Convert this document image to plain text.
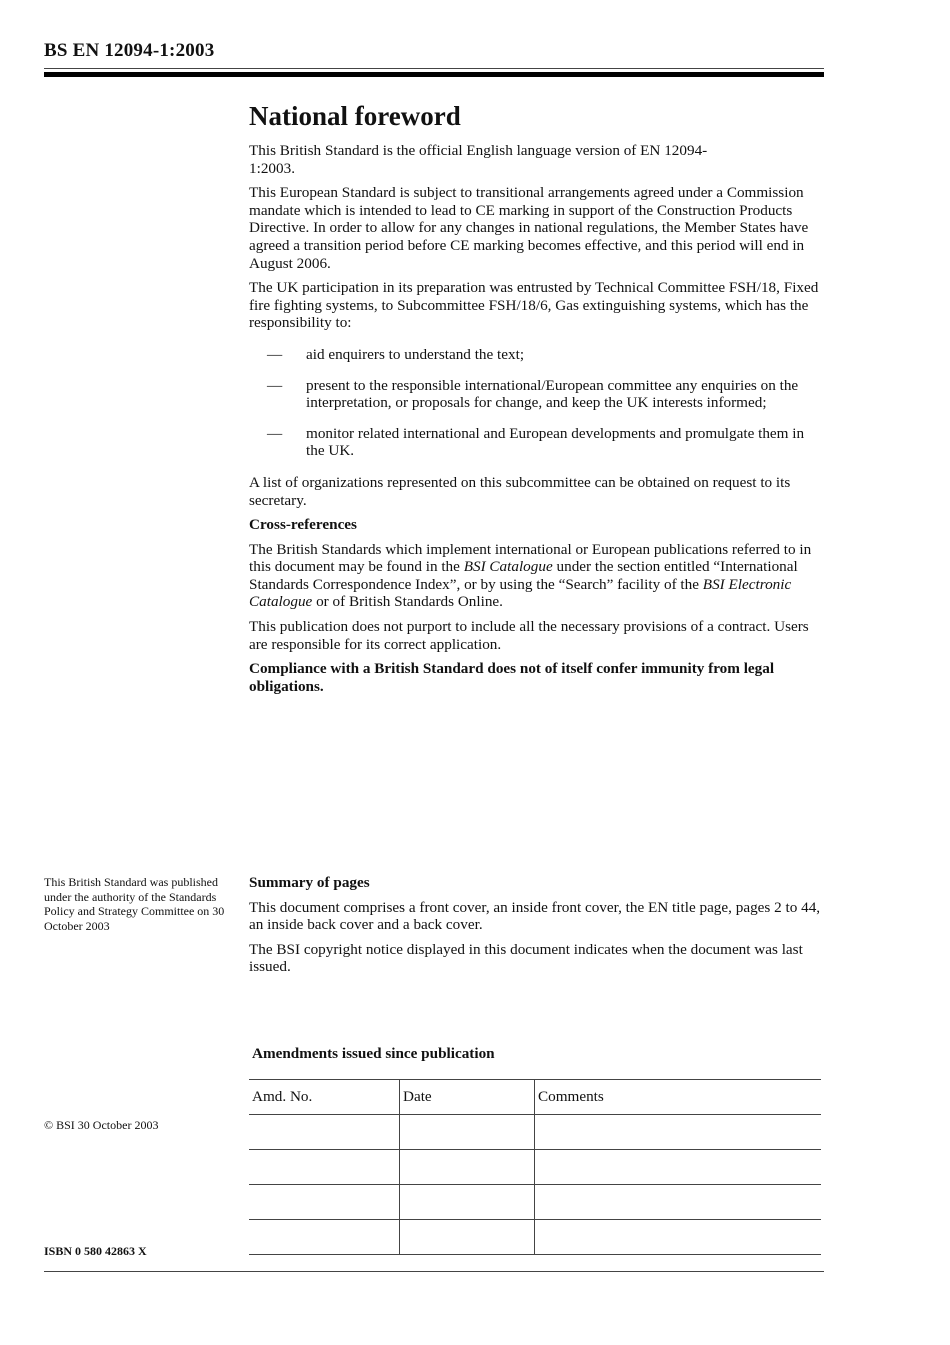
BS EN 12094-1:2003
National foreword

This British Standard is the official English language version of EN 12094-1:2003.

This European Standard is subject to transitional arrangements agreed under a Commission mandate which is intended to lead to CE marking in support of the Construction Products Directive. In order to allow for any changes in national regulations, the Member States have agreed a transition period before CE marking becomes effective, and this period will end in August 2006.

The UK participation in its preparation was entrusted by Technical Committee FSH/18, Fixed fire fighting systems, to Subcommittee FSH/18/6, Gas extinguishing systems, which has the responsibility to:

— aid enquirers to understand the text;
— present to the responsible international/European committee any enquiries on the interpretation, or proposals for change, and keep the UK interests informed;
— monitor related international and European developments and promulgate them in the UK.

A list of organizations represented on this subcommittee can be obtained on request to its secretary.

Cross-references

The British Standards which implement international or European publications referred to in this document may be found in the BSI Catalogue under the section entitled “International Standards Correspondence Index”, or by using the “Search” facility of the BSI Electronic Catalogue or of British Standards Online.

This publication does not purport to include all the necessary provisions of a contract. Users are responsible for its correct application.

Compliance with a British Standard does not of itself confer immunity from legal obligations.

This British Standard was published under the authority of the Standards Policy and Strategy Committee on 30 October 2003

Summary of pages

This document comprises a front cover, an inside front cover, the EN title page, pages 2 to 44, an inside back cover and a back cover.

The BSI copyright notice displayed in this document indicates when the document was last issued.

Amendments issued since publication
Amd. No.	Date	Comments

© BSI 30 October 2003
ISBN 0 580 42863 X
